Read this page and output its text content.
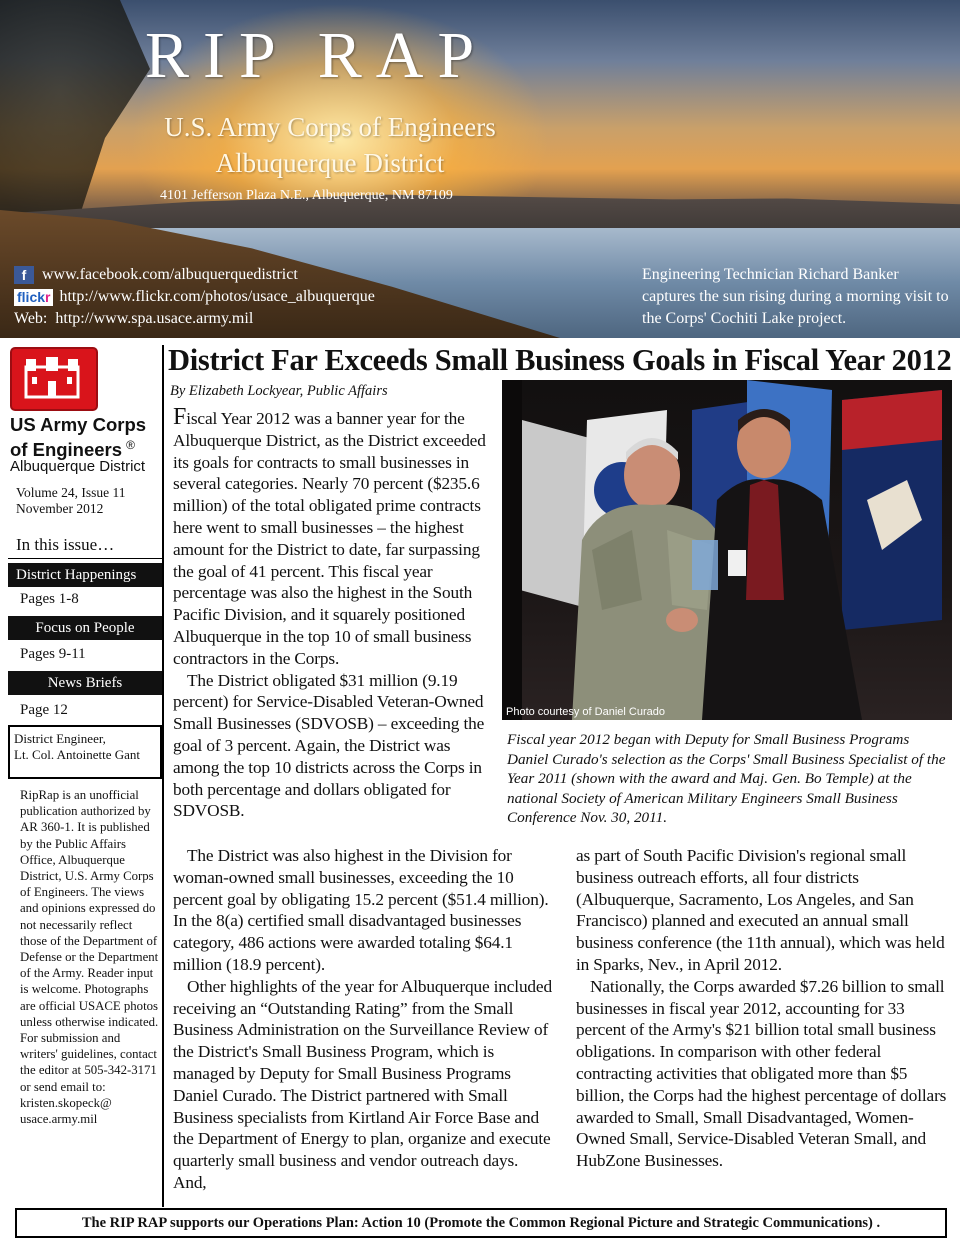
RIP RAP
U.S. Army Corps of Engineers
Albuquerque District
4101 Jefferson Plaza N.E., Albuquerque, NM 87109
f www.facebook.com/albuquerquedistrict
flickr http://www.flickr.com/photos/usace_albuquerque
Web: http://www.spa.usace.army.mil
Engineering Technician Richard Banker captures the sun rising during a morning visit to the Corps' Cochiti Lake project.
US Army Corps
of Engineers ®
Albuquerque District
Volume 24, Issue 11
November 2012
In this issue…
District Happenings
Pages 1-8
Focus on People
Pages 9-11
News Briefs
Page 12
District Engineer,
Lt. Col. Antoinette Gant
RipRap is an unofficial publication authorized by AR 360-1. It is published by the Public Affairs Office, Albuquerque District, U.S. Army Corps of Engineers. The views and opinions expressed do not necessarily reflect those of the Department of Defense or the Department of the Army. Reader input is welcome. Photographs are official USACE photos unless otherwise indicated. For submission and writers' guidelines, contact the editor at 505-342-3171 or send email to: kristen.skopeck@ usace.army.mil
District Far Exceeds Small Business Goals in Fiscal Year 2012
By Elizabeth Lockyear, Public Affairs

Fiscal Year 2012 was a banner year for the Albuquerque District, as the District exceeded its goals for contracts to small businesses in several categories. Nearly 70 percent ($235.6 million) of the total obligated prime contracts here went to small businesses – the highest amount for the District to date, far surpassing the goal of 41 percent. This fiscal year percentage was also the highest in the South Pacific Division, and it squarely positioned Albuquerque in the top 10 of small business contractors in the Corps.

The District obligated $31 million (9.19 percent) for Service-Disabled Veteran-Owned Small Businesses (SDVOSB) – exceeding the goal of 3 percent. Again, the District was among the top 10 districts across the Corps in both percentage and dollars obligated for SDVOSB.

Photo courtesy of Daniel Curado
Fiscal year 2012 began with Deputy for Small Business Programs Daniel Curado's selection as the Corps' Small Business Specialist of the Year 2011 (shown with the award and Maj. Gen. Bo Temple) at the national Society of American Military Engineers Small Business Conference Nov. 30, 2011.

The District was also highest in the Division for woman-owned small businesses, exceeding the 10 percent goal by obligating 15.2 percent ($51.4 million). In the 8(a) certified small disadvantaged businesses category, 486 actions were awarded totaling $64.1 million (18.9 percent).

Other highlights of the year for Albuquerque included receiving an “Outstanding Rating” from the Small Business Administration on the Surveillance Review of the District's Small Business Program, which is managed by Deputy for Small Business Programs Daniel Curado. The District partnered with Small Business specialists from Kirtland Air Force Base and the Department of Energy to plan, organize and execute quarterly small business and vendor outreach days. And,

as part of South Pacific Division's regional small business outreach efforts, all four districts (Albuquerque, Sacramento, Los Angeles, and San Francisco) planned and executed an annual small business conference (the 11th annual), which was held in Sparks, Nev., in April 2012.

Nationally, the Corps awarded $7.26 billion to small businesses in fiscal year 2012, accounting for 33 percent of the Army's $21 billion total small business obligations. In comparison with other federal contracting activities that obligated more than $5 billion, the Corps had the highest percentage of dollars awarded to Small, Small Disadvantaged, Women-Owned Small, Service-Disabled Veteran Small, and HubZone Businesses.

The RIP RAP supports our Operations Plan: Action 10 (Promote the Common Regional Picture and Strategic Communications) .
